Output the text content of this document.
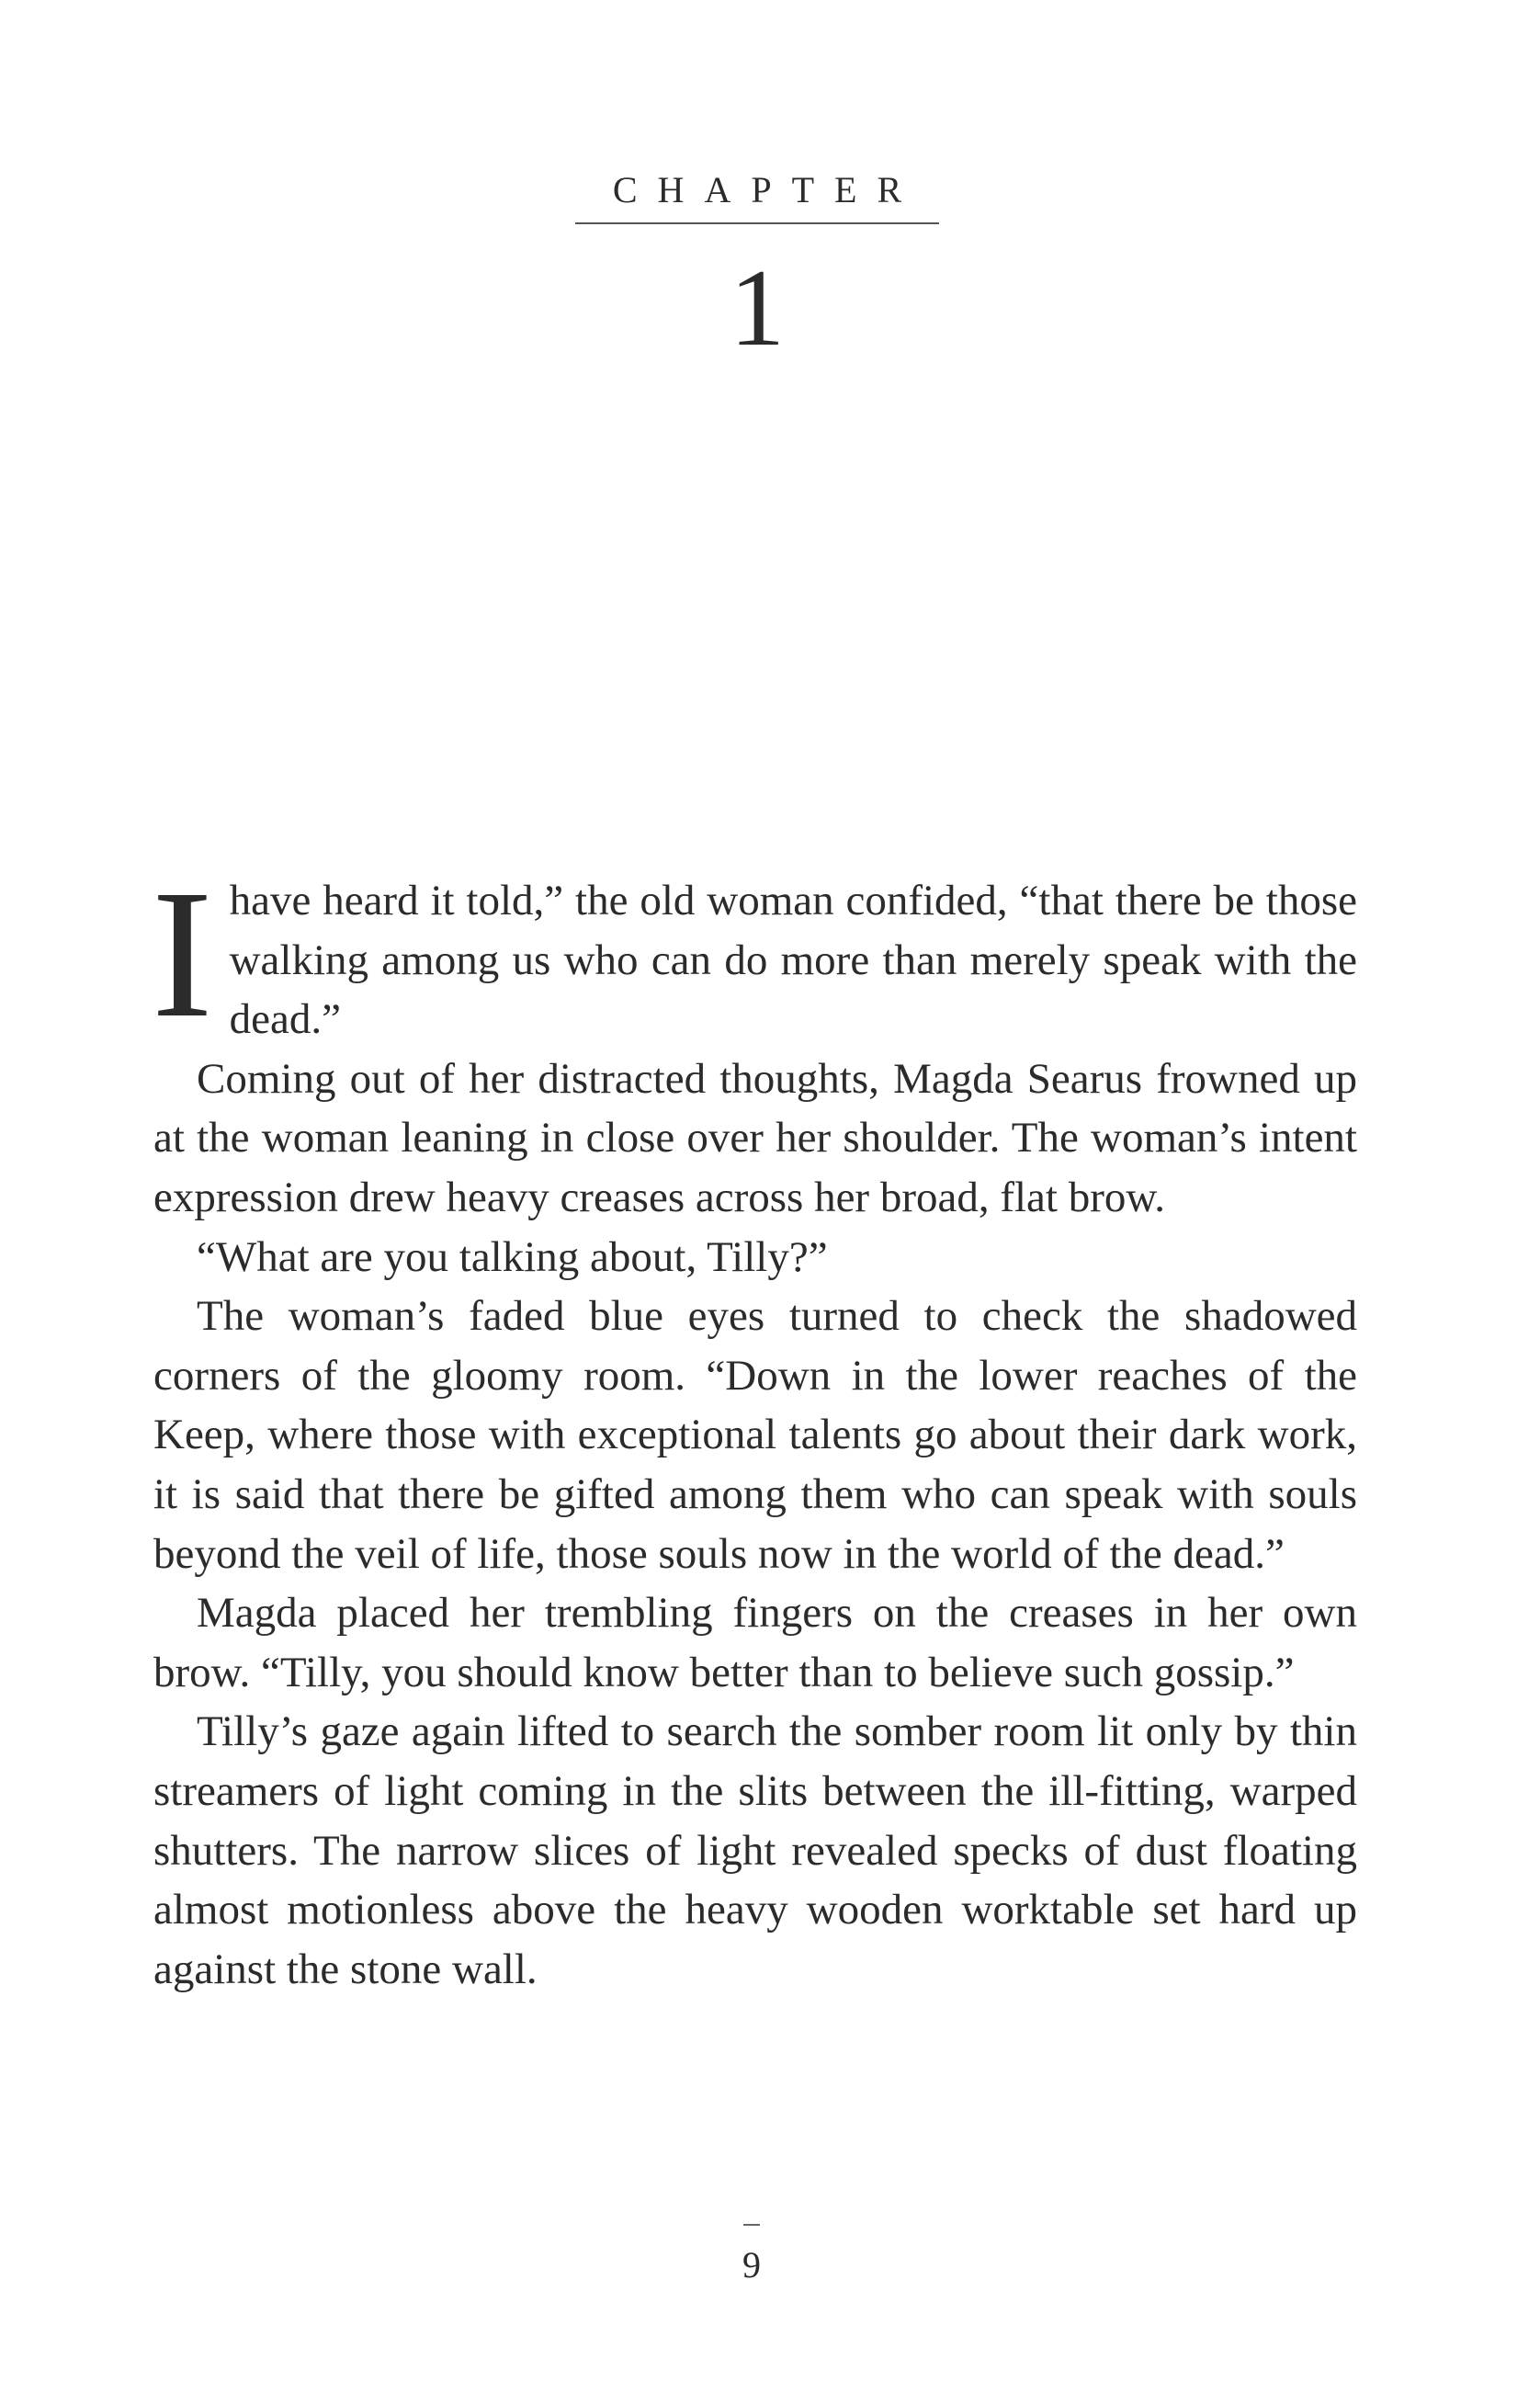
CHAPTER
1

I have heard it told,” the old woman confided, “that there be those walking among us who can do more than merely speak with the dead.”

Coming out of her distracted thoughts, Magda Searus frowned up at the woman leaning in close over her shoulder. The woman’s intent expression drew heavy creases across her broad, flat brow.

“What are you talking about, Tilly?”

The woman’s faded blue eyes turned to check the shadowed corners of the gloomy room. “Down in the lower reaches of the Keep, where those with exceptional talents go about their dark work, it is said that there be gifted among them who can speak with souls beyond the veil of life, those souls now in the world of the dead.”

Magda placed her trembling fingers on the creases in her own brow. “Tilly, you should know better than to believe such gossip.”

Tilly’s gaze again lifted to search the somber room lit only by thin streamers of light coming in the slits between the ill-fitting, warped shutters. The narrow slices of light revealed specks of dust floating almost motionless above the heavy wooden worktable set hard up against the stone wall.

9
